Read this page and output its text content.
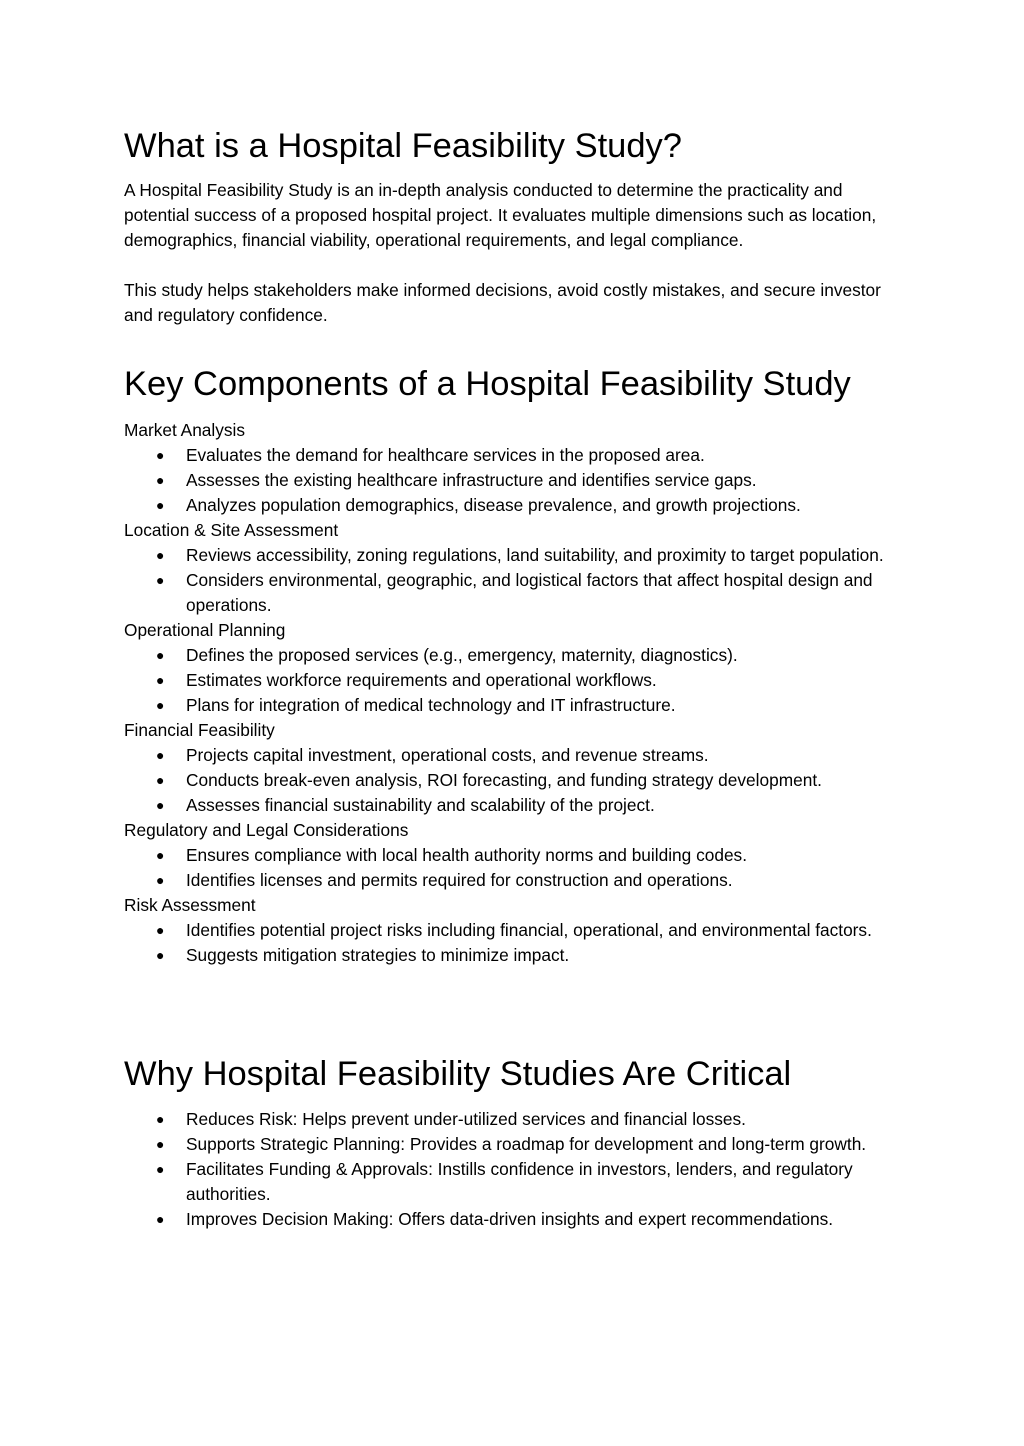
What is a Hospital Feasibility Study?

A Hospital Feasibility Study is an in-depth analysis conducted to determine the practicality and potential success of a proposed hospital project. It evaluates multiple dimensions such as location, demographics, financial viability, operational requirements, and legal compliance.

This study helps stakeholders make informed decisions, avoid costly mistakes, and secure investor and regulatory confidence.

Key Components of a Hospital Feasibility Study
Market Analysis
● Evaluates the demand for healthcare services in the proposed area.
● Assesses the existing healthcare infrastructure and identifies service gaps.
● Analyzes population demographics, disease prevalence, and growth projections.
Location & Site Assessment
● Reviews accessibility, zoning regulations, land suitability, and proximity to target population.
● Considers environmental, geographic, and logistical factors that affect hospital design and operations.
Operational Planning
● Defines the proposed services (e.g., emergency, maternity, diagnostics).
● Estimates workforce requirements and operational workflows.
● Plans for integration of medical technology and IT infrastructure.
Financial Feasibility
● Projects capital investment, operational costs, and revenue streams.
● Conducts break-even analysis, ROI forecasting, and funding strategy development.
● Assesses financial sustainability and scalability of the project.
Regulatory and Legal Considerations
● Ensures compliance with local health authority norms and building codes.
● Identifies licenses and permits required for construction and operations.
Risk Assessment
● Identifies potential project risks including financial, operational, and environmental factors.
● Suggests mitigation strategies to minimize impact.
Why Hospital Feasibility Studies Are Critical
● Reduces Risk: Helps prevent under-utilized services and financial losses.
● Supports Strategic Planning: Provides a roadmap for development and long-term growth.
● Facilitates Funding & Approvals: Instills confidence in investors, lenders, and regulatory authorities.
● Improves Decision Making: Offers data-driven insights and expert recommendations.
